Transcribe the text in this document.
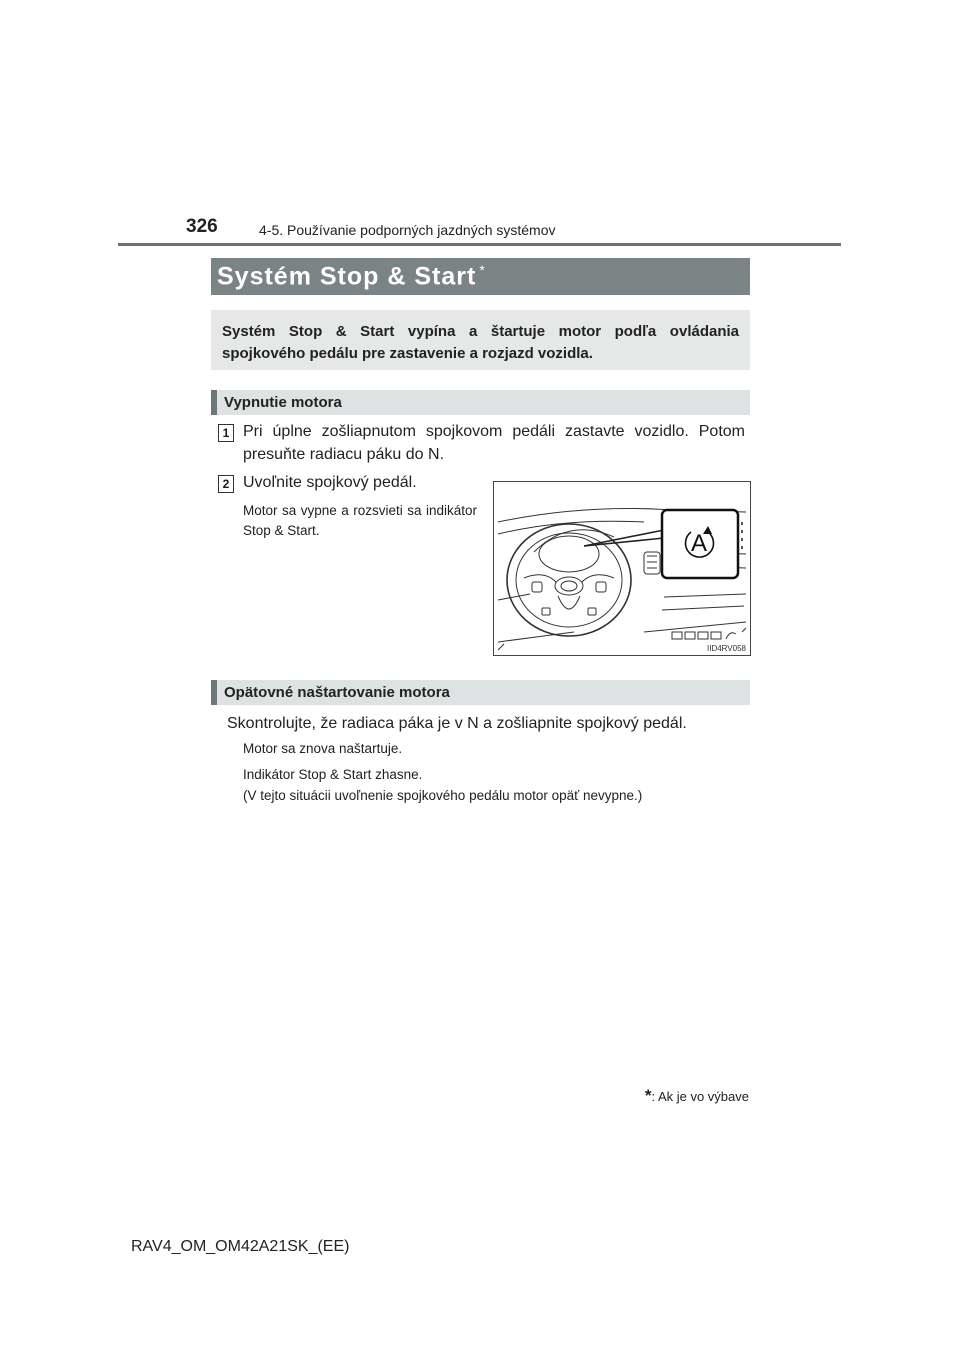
326	4-5. Používanie podporných jazdných systémov
Systém Stop & Start *
Systém Stop & Start vypína a štartuje motor podľa ovládania spojkového pedálu pre zastavenie a rozjazd vozidla.
Vypnutie motora
1 Pri úplne zošliapnutom spojkovom pedáli zastavte vozidlo. Potom presuňte radiacu páku do N.
2 Uvoľnite spojkový pedál.
Motor sa vypne a rozsvieti sa indikátor Stop & Start.	A
IID4RV058
Opätovné naštartovanie motora
Skontrolujte, že radiaca páka je v N a zošliapnite spojkový pedál.
Motor sa znova naštartuje.
Indikátor Stop & Start zhasne.
(V tejto situácii uvoľnenie spojkového pedálu motor opäť nevypne.)
*: Ak je vo výbave
RAV4_OM_OM42A21SK_(EE)
